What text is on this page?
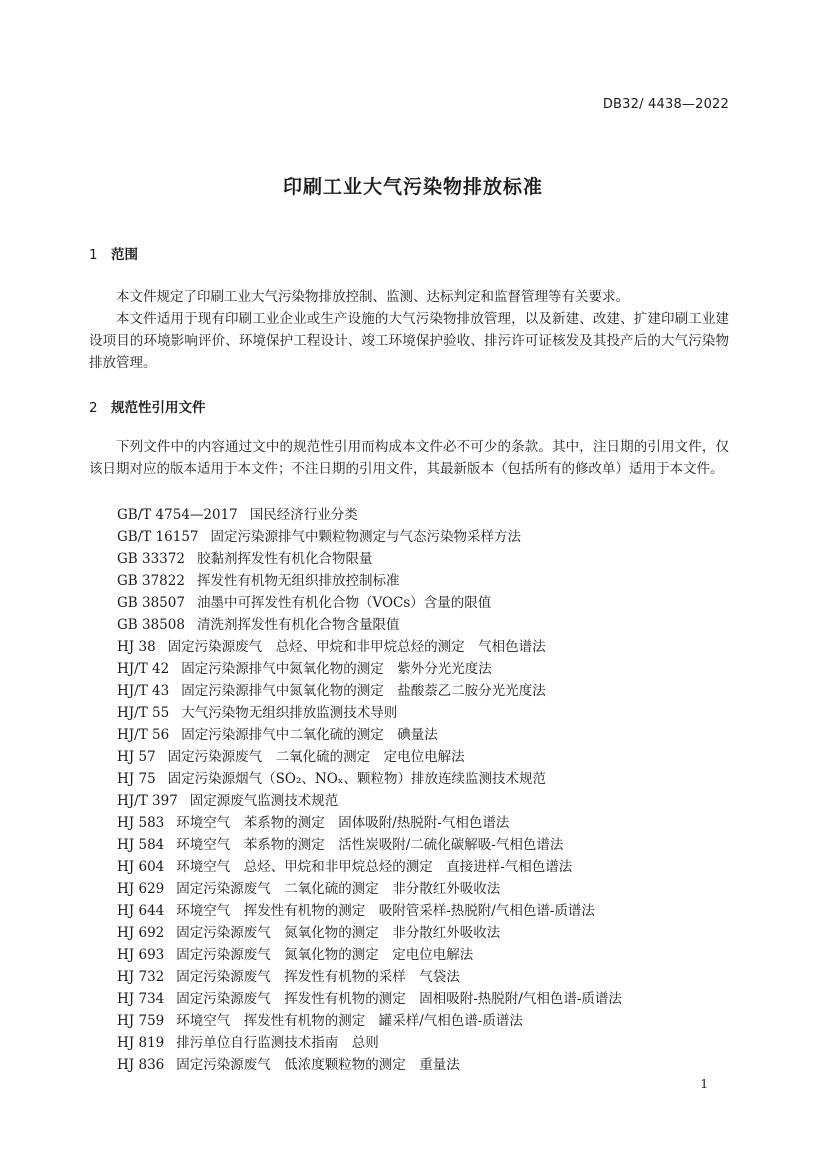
DB32/ 4438—2022
印刷工业大气污染物排放标准
1 范围

本文件规定了印刷工业大气污染物排放控制、监测、达标判定和监督管理等有关要求。

本文件适用于现有印刷工业企业或生产设施的大气污染物排放管理，以及新建、改建、扩建印刷工业建设项目的环境影响评价、环境保护工程设计、竣工环境保护验收、排污许可证核发及其投产后的大气污染物排放管理。

2 规范性引用文件

下列文件中的内容通过文中的规范性引用而构成本文件必不可少的条款。其中，注日期的引用文件，仅该日期对应的版本适用于本文件；不注日期的引用文件，其最新版本（包括所有的修改单）适用于本文件。

GB/T 4754—2017 国民经济行业分类
GB/T 16157 固定污染源排气中颗粒物测定与气态污染物采样方法
GB 33372 胶黏剂挥发性有机化合物限量
GB 37822 挥发性有机物无组织排放控制标准
GB 38507 油墨中可挥发性有机化合物（VOCs）含量的限值
GB 38508 清洗剂挥发性有机化合物含量限值
HJ 38 固定污染源废气　总烃、甲烷和非甲烷总烃的测定　气相色谱法
HJ/T 42 固定污染源排气中氮氧化物的测定　紫外分光光度法
HJ/T 43 固定污染源排气中氮氧化物的测定　盐酸萘乙二胺分光光度法
HJ/T 55 大气污染物无组织排放监测技术导则
HJ/T 56 固定污染源排气中二氧化硫的测定　碘量法
HJ 57 固定污染源废气　二氧化硫的测定　定电位电解法
HJ 75 固定污染源烟气（SO₂、NOₓ、颗粒物）排放连续监测技术规范
HJ/T 397 固定源废气监测技术规范
HJ 583 环境空气　苯系物的测定　固体吸附/热脱附-气相色谱法
HJ 584 环境空气　苯系物的测定　活性炭吸附/二硫化碳解吸-气相色谱法
HJ 604 环境空气　总烃、甲烷和非甲烷总烃的测定　直接进样-气相色谱法
HJ 629 固定污染源废气　二氧化硫的测定　非分散红外吸收法
HJ 644 环境空气　挥发性有机物的测定　吸附管采样-热脱附/气相色谱-质谱法
HJ 692 固定污染源废气　氮氧化物的测定　非分散红外吸收法
HJ 693 固定污染源废气　氮氧化物的测定　定电位电解法
HJ 732 固定污染源废气　挥发性有机物的采样　气袋法
HJ 734 固定污染源废气　挥发性有机物的测定　固相吸附-热脱附/气相色谱-质谱法
HJ 759 环境空气　挥发性有机物的测定　罐采样/气相色谱-质谱法
HJ 819 排污单位自行监测技术指南　总则
HJ 836 固定污染源废气　低浓度颗粒物的测定　重量法
1
